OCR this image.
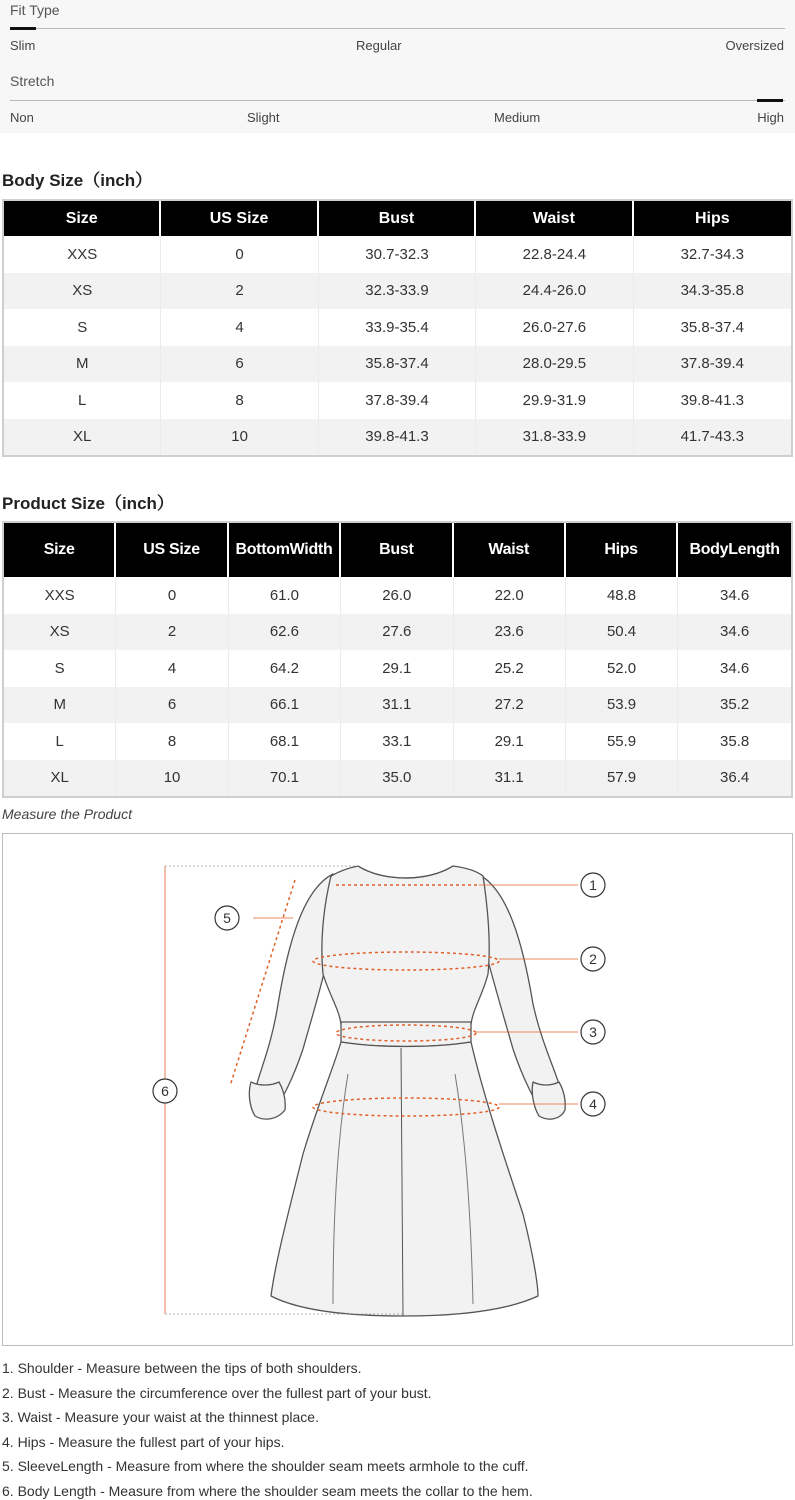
Fit Type
Slim	Regular	Oversized
Stretch
Non	Slight	Medium	High
Body Size（inch）
Size	US Size	Bust	Waist	Hips
XXS	0	30.7-32.3	22.8-24.4	32.7-34.3
XS	2	32.3-33.9	24.4-26.0	34.3-35.8
S	4	33.9-35.4	26.0-27.6	35.8-37.4
M	6	35.8-37.4	28.0-29.5	37.8-39.4
L	8	37.8-39.4	29.9-31.9	39.8-41.3
XL	10	39.8-41.3	31.8-33.9	41.7-43.3
Product Size（inch）
Size	US Size	BottomWidth	Bust	Waist	Hips	BodyLength
XXS	0	61.0	26.0	22.0	48.8	34.6
XS	2	62.6	27.6	23.6	50.4	34.6
S	4	64.2	29.1	25.2	52.0	34.6
M	6	66.1	31.1	27.2	53.9	35.2
L	8	68.1	33.1	29.1	55.9	35.8
XL	10	70.1	35.0	31.1	57.9	36.4
Measure the Product
1
2
3
4
5
6
1. Shoulder - Measure between the tips of both shoulders.
2. Bust - Measure the circumference over the fullest part of your bust.
3. Waist - Measure your waist at the thinnest place.
4. Hips - Measure the fullest part of your hips.
5. SleeveLength - Measure from where the shoulder seam meets armhole to the cuff.
6. Body Length - Measure from where the shoulder seam meets the collar to the hem.
